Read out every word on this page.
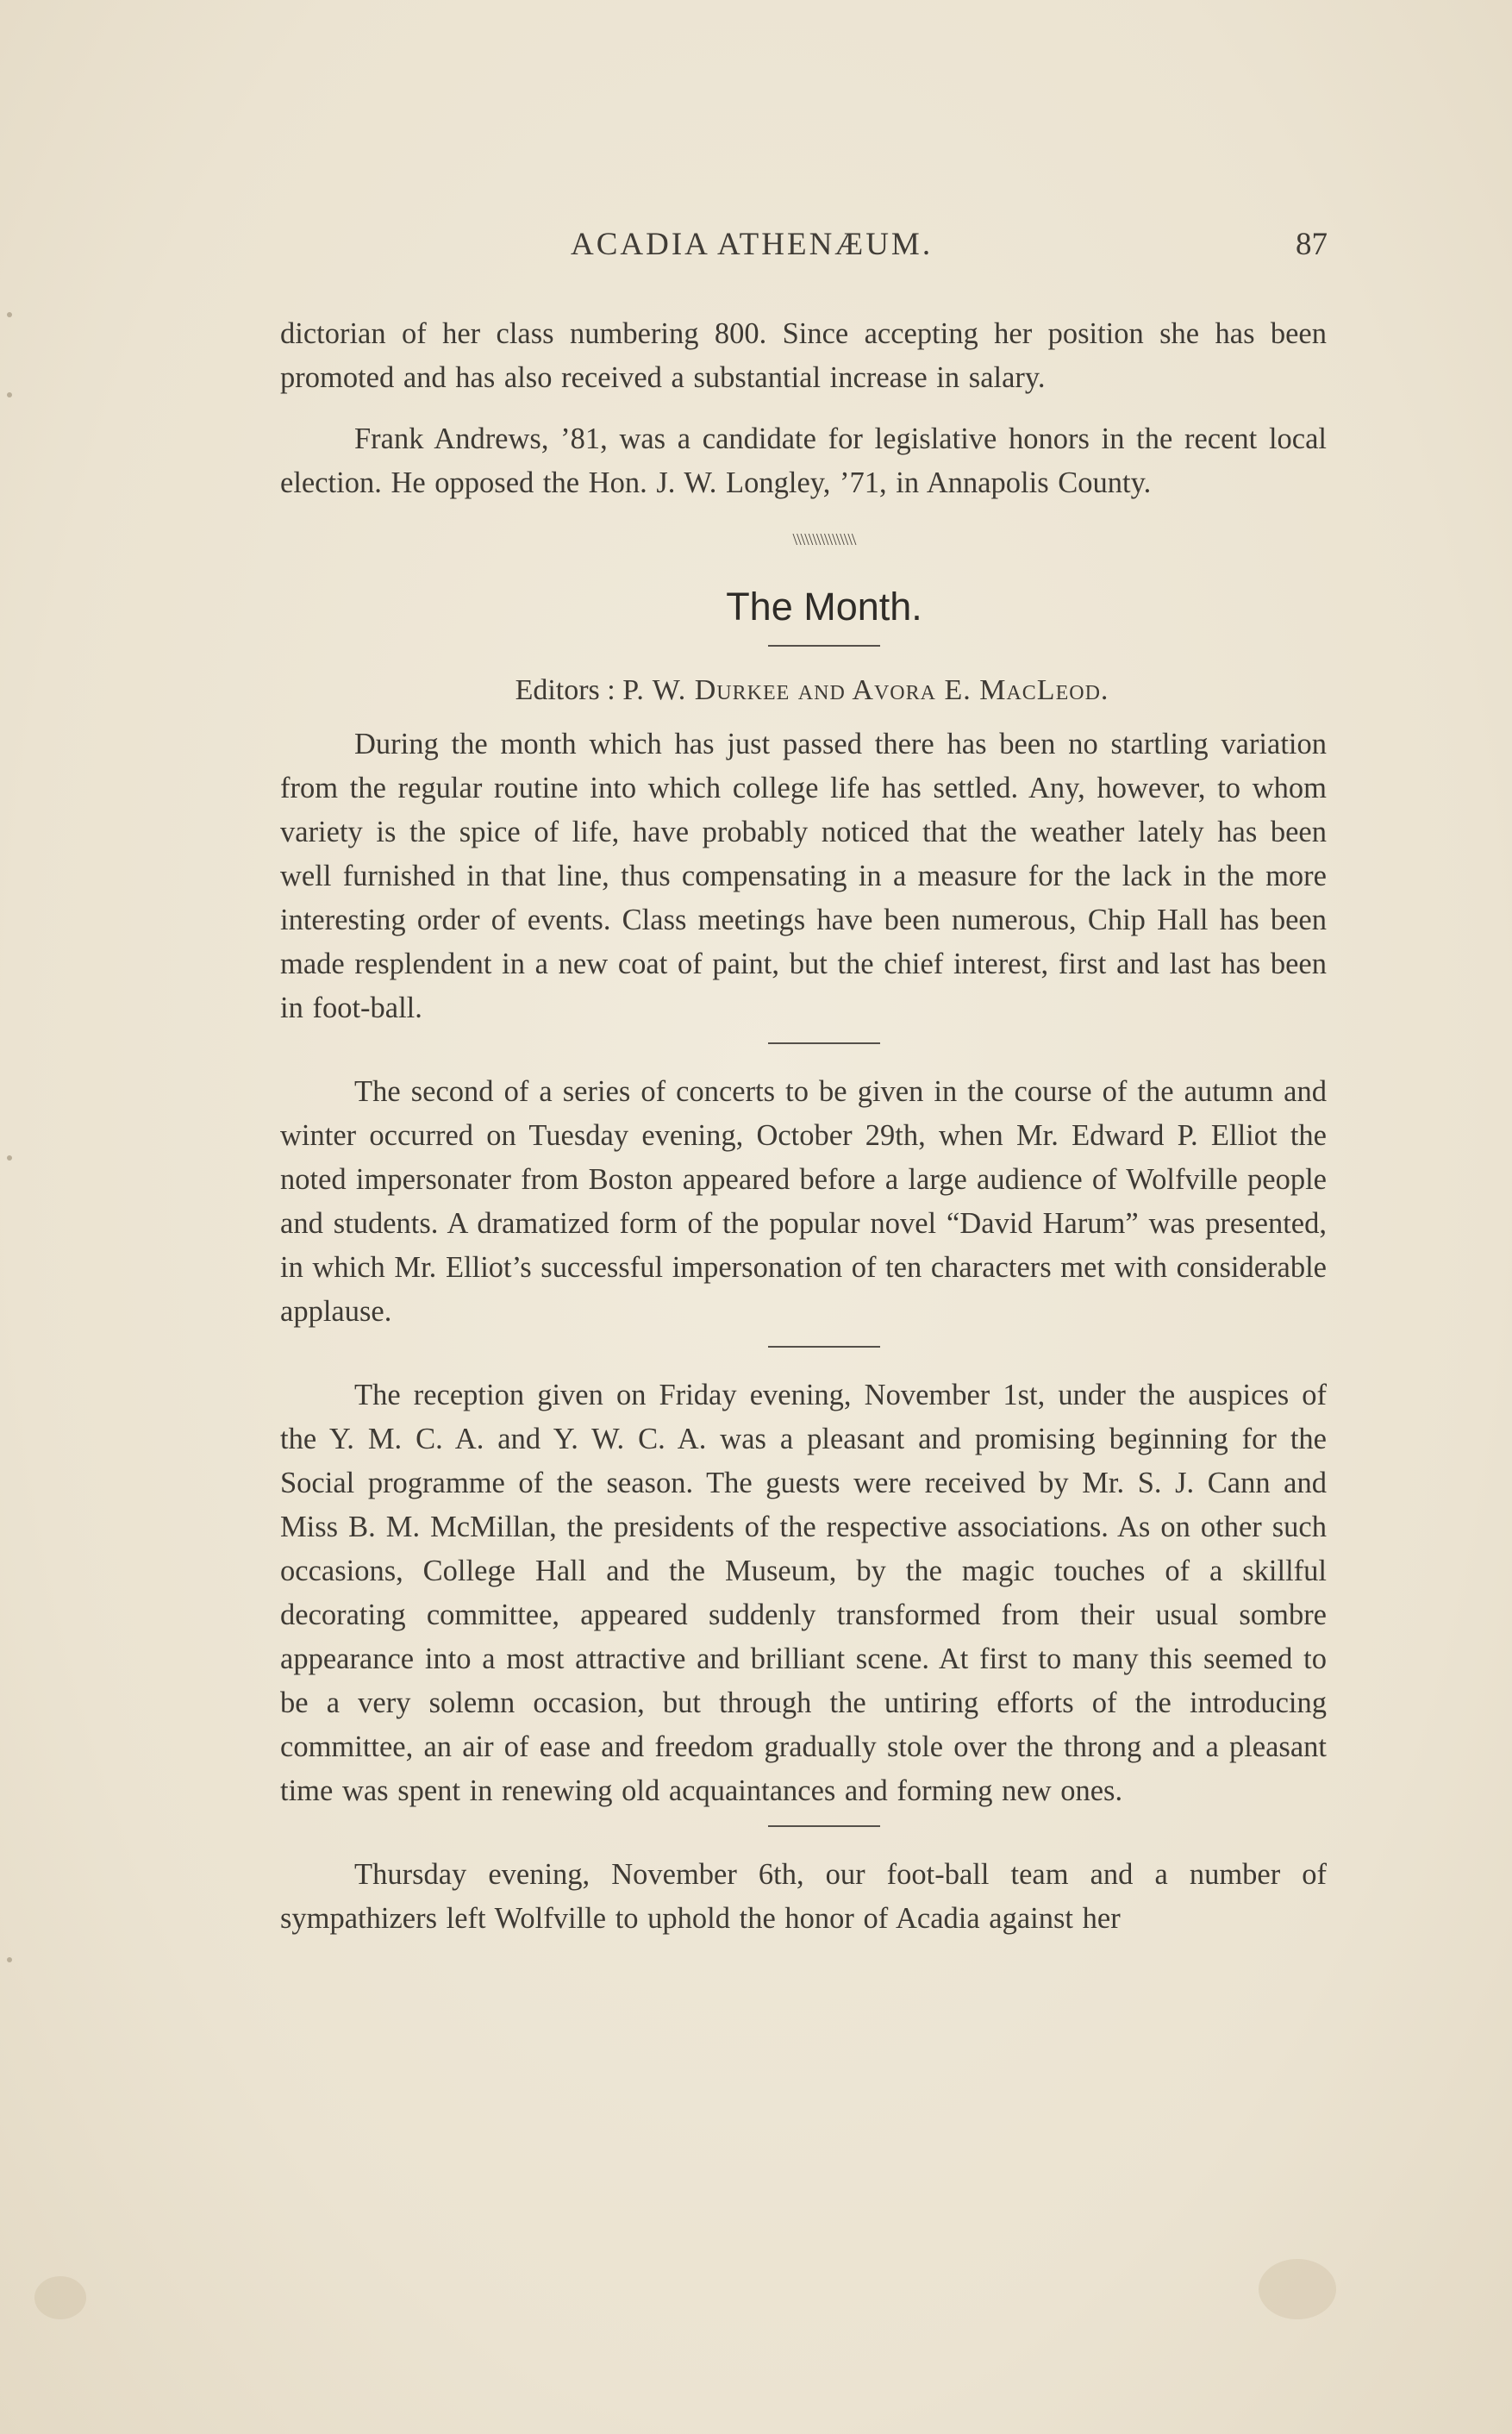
ACADIA ATHENÆUM.	87

dictorian of her class numbering 800. Since accepting her position she has been promoted and has also received a substantial increase in salary.

Frank Andrews, ’81, was a candidate for legislative honors in the recent local election. He opposed the Hon. J. W. Longley, ’71, in Annapolis County.

\\\\\\\\\\\\\\\\
The Month.
Editors : P. W. Durkee and Avora E. MacLeod.

During the month which has just passed there has been no startling variation from the regular routine into which college life has settled. Any, however, to whom variety is the spice of life, have probably noticed that the weather lately has been well furnished in that line, thus compensating in a measure for the lack in the more interesting order of events. Class meetings have been numerous, Chip Hall has been made resplendent in a new coat of paint, but the chief interest, first and last has been in foot-ball.

The second of a series of concerts to be given in the course of the autumn and winter occurred on Tuesday evening, October 29th, when Mr. Edward P. Elliot the noted impersonater from Boston appeared before a large audience of Wolfville people and students. A dramatized form of the popular novel “David Harum” was presented, in which Mr. Elliot’s successful impersonation of ten characters met with considerable applause.

The reception given on Friday evening, November 1st, under the auspices of the Y. M. C. A. and Y. W. C. A. was a pleasant and promising beginning for the Social programme of the season. The guests were received by Mr. S. J. Cann and Miss B. M. McMillan, the presidents of the respective associations. As on other such occasions, College Hall and the Museum, by the magic touches of a skillful decorating committee, appeared suddenly transformed from their usual sombre appearance into a most attractive and brilliant scene. At first to many this seemed to be a very solemn occasion, but through the untiring efforts of the introducing committee, an air of ease and freedom gradually stole over the throng and a pleasant time was spent in renewing old acquaintances and forming new ones.

Thursday evening, November 6th, our foot-ball team and a number of sympathizers left Wolfville to uphold the honor of Acadia against her
